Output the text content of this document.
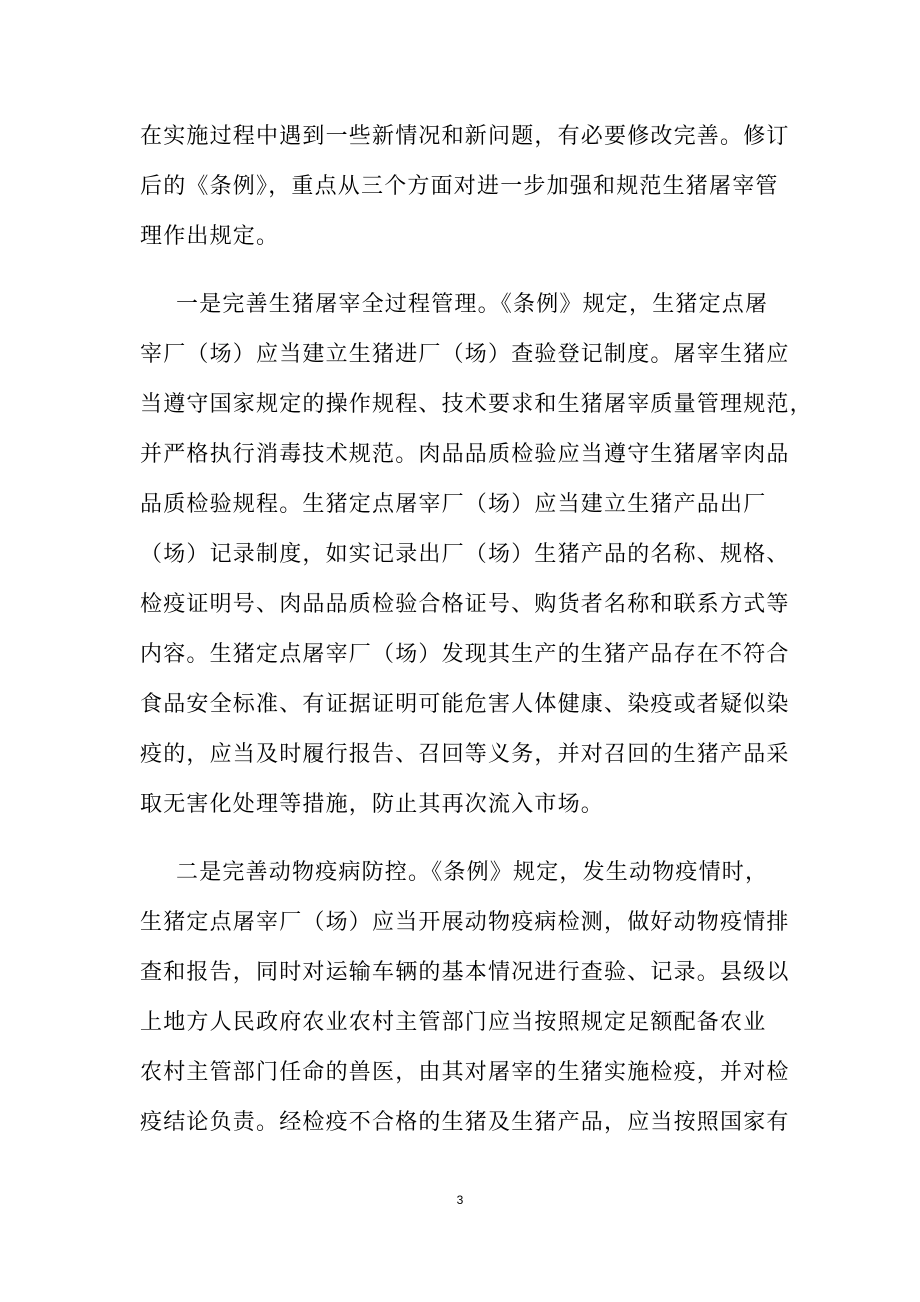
在实施过程中遇到一些新情况和新问题，有必要修改完善。修订
后的《条例》，重点从三个方面对进一步加强和规范生猪屠宰管
理作出规定。
一是完善生猪屠宰全过程管理。《条例》规定，生猪定点屠
宰厂（场）应当建立生猪进厂（场）查验登记制度。屠宰生猪应
当遵守国家规定的操作规程、技术要求和生猪屠宰质量管理规范，
并严格执行消毒技术规范。肉品品质检验应当遵守生猪屠宰肉品
品质检验规程。生猪定点屠宰厂（场）应当建立生猪产品出厂
（场）记录制度，如实记录出厂（场）生猪产品的名称、规格、
检疫证明号、肉品品质检验合格证号、购货者名称和联系方式等
内容。生猪定点屠宰厂（场）发现其生产的生猪产品存在不符合
食品安全标准、有证据证明可能危害人体健康、染疫或者疑似染
疫的，应当及时履行报告、召回等义务，并对召回的生猪产品采
取无害化处理等措施，防止其再次流入市场。
二是完善动物疫病防控。《条例》规定，发生动物疫情时，
生猪定点屠宰厂（场）应当开展动物疫病检测，做好动物疫情排
查和报告，同时对运输车辆的基本情况进行查验、记录。县级以
上地方人民政府农业农村主管部门应当按照规定足额配备农业
农村主管部门任命的兽医，由其对屠宰的生猪实施检疫，并对检
疫结论负责。经检疫不合格的生猪及生猪产品，应当按照国家有
3
